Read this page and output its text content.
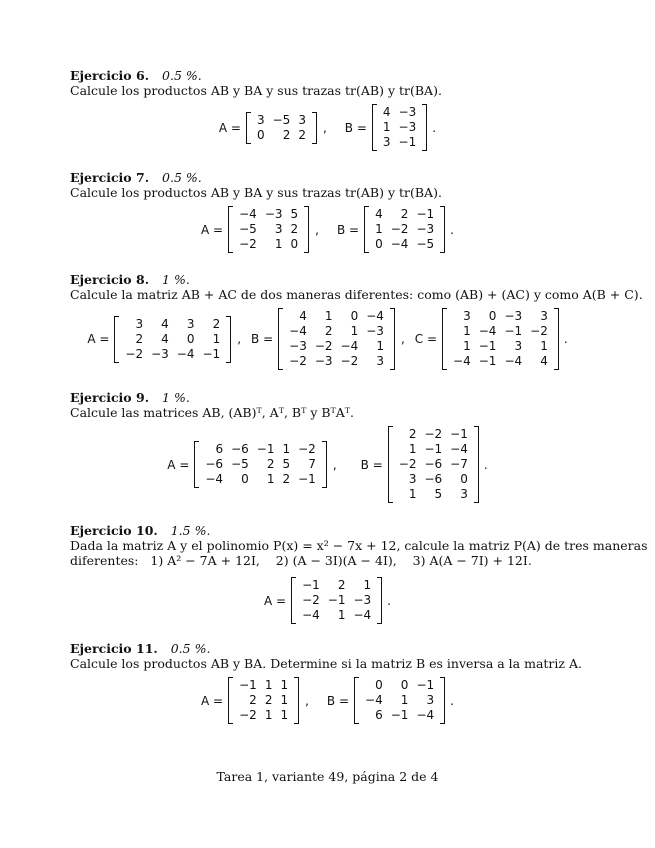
Ejercicio 6. 0.5 %.
Calcule los productos AB y BA y sus trazas tr(AB) y tr(BA).
A =
3	−5	3
0	2	2 , B =
4	−3
1	−3
3	−1
.
Ejercicio 7. 0.5 %.
Calcule los productos AB y BA y sus trazas tr(AB) y tr(BA).
A =
−4	−3	5
−5	3	2
−2	1	0
, B =
4	2	−1
1	−2	−3
0	−4	−5
.
Ejercicio 8. 1 %.
Calcule la matriz AB + AC de dos maneras diferentes: como (AB) + (AC) y como A(B + C).
A =
3	4	3	2
2	4	0	1
−2	−3	−4	−1
, B =
4	1	0	−4
−4	2	1	−3
−3	−2	−4	1
−2	−3	−2	3
, C =
3	0	−3	3
1	−4	−1	−2
1	−1	3	1
−4	−1	−4	4
.
Ejercicio 9. 1 %.
Calcule las matrices AB, (AB)ᵀ, Aᵀ, Bᵀ y BᵀAᵀ.
A =
6	−6	−1	1	−2
−6	−5	2	5	7
−4	0	1	2	−1
, B =
2	−2	−1
1	−1	−4
−2	−6	−7
3	−6	0
1	5	3
.
Ejercicio 10. 1.5 %.
Dada la matriz A y el polinomio P(x) = x² − 7x + 12, calcule la matriz P(A) de tres maneras
diferentes:   1) A² − 7A + 12I,    2) (A − 3I)(A − 4I),    3) A(A − 7I) + 12I.
A =
−1	2	1
−2	−1	−3
−4	1	−4
.
Ejercicio 11. 0.5 %.
Calcule los productos AB y BA. Determine si la matriz B es inversa a la matriz A.
A =
−1	1	1
2	2	1
−2	1	1
, B =
0	0	−1
−4	1	3
6	−1	−4
.
Tarea 1, variante 49, página 2 de 4
